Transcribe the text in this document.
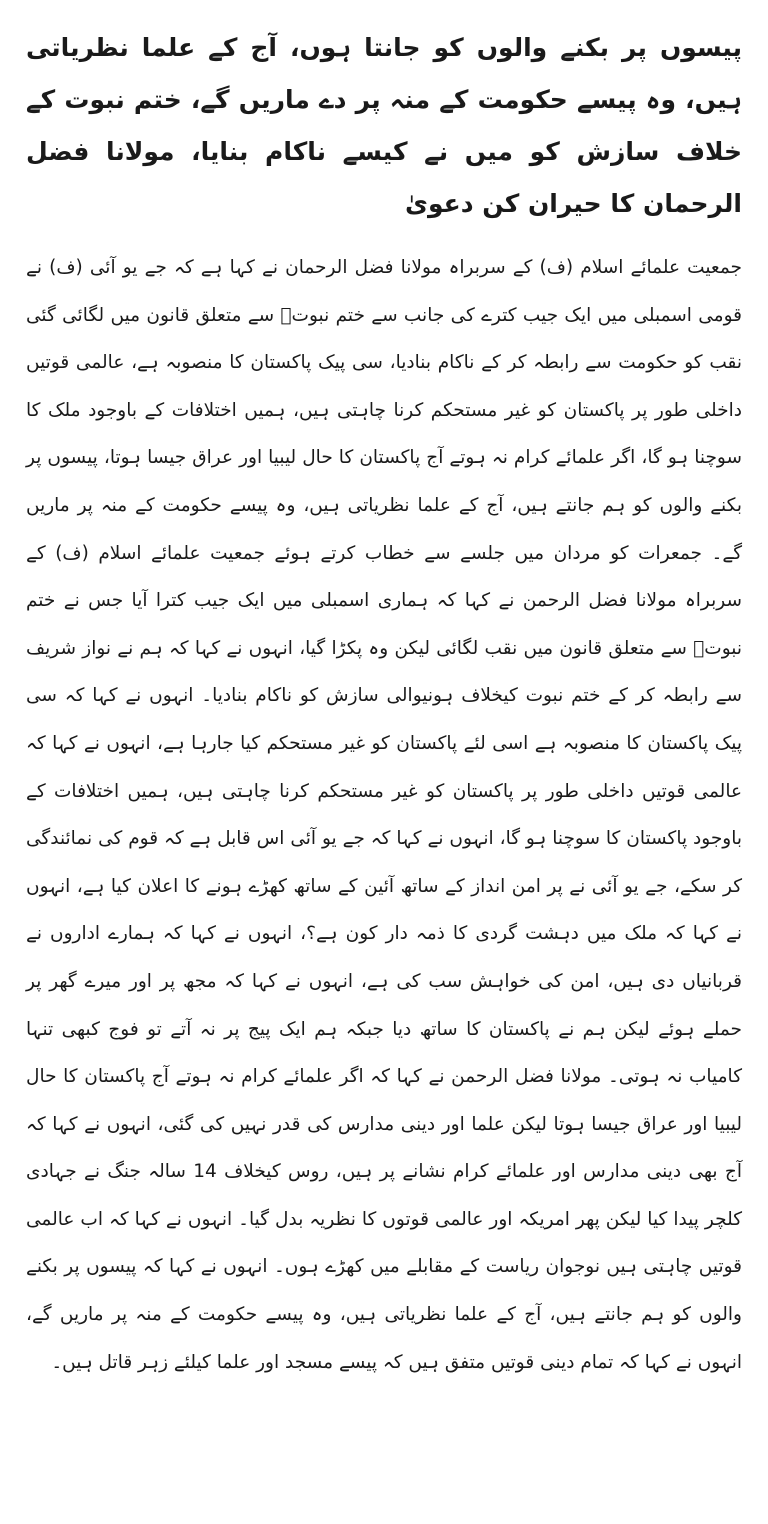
پیسوں پر بکنے والوں کو جانتا ہوں، آج کے علما نظریاتی ہیں، وہ پیسے حکومت کے منہ پر دے ماریں گے، ختم نبوت کے خلاف سازش کو میں نے کیسے ناکام بنایا، مولانا فضل الرحمان کا حیران کن دعویٰ

جمعیت علمائے اسلام (ف) کے سربراہ مولانا فضل الرحمان نے کہا ہے کہ جے یو آئی (ف) نے قومی اسمبلی میں ایک جیب کترے کی جانب سے ختم نبوتؐ سے متعلق قانون میں لگائی گئی نقب کو حکومت سے رابطہ کر کے ناکام بنادیا، سی پیک پاکستان کا منصوبہ ہے، عالمی قوتیں داخلی طور پر پاکستان کو غیر مستحکم کرنا چاہتی ہیں، ہمیں اختلافات کے باوجود ملک کا سوچنا ہو گا، اگر علمائے کرام نہ ہوتے آج پاکستان کا حال لیبیا اور عراق جیسا ہوتا، پیسوں پر بکنے والوں کو ہم جانتے ہیں، آج کے علما نظریاتی ہیں، وہ پیسے حکومت کے منہ پر ماریں گے۔ جمعرات کو مردان میں جلسے سے خطاب کرتے ہوئے جمعیت علمائے اسلام (ف) کے سربراہ مولانا فضل الرحمن نے کہا کہ ہماری اسمبلی میں ایک جیب کترا آیا جس نے ختم نبوتؐ سے متعلق قانون میں نقب لگائی لیکن وہ پکڑا گیا، انہوں نے کہا کہ ہم نے نواز شریف سے رابطہ کر کے ختم نبوت کیخلاف ہونیوالی سازش کو ناکام بنادیا۔ انہوں نے کہا کہ سی پیک پاکستان کا منصوبہ ہے اسی لئے پاکستان کو غیر مستحکم کیا جارہا ہے، انہوں نے کہا کہ عالمی قوتیں داخلی طور پر پاکستان کو غیر مستحکم کرنا چاہتی ہیں، ہمیں اختلافات کے باوجود پاکستان کا سوچنا ہو گا، انہوں نے کہا کہ جے یو آئی اس قابل ہے کہ قوم کی نمائندگی کر سکے، جے یو آئی نے پر امن انداز کے ساتھ آئین کے ساتھ کھڑے ہونے کا اعلان کیا ہے، انہوں نے کہا کہ ملک میں دہشت گردی کا ذمہ دار کون ہے؟، انہوں نے کہا کہ ہمارے اداروں نے قربانیاں دی ہیں، امن کی خواہش سب کی ہے، انہوں نے کہا کہ مجھ پر اور میرے گھر پر حملے ہوئے لیکن ہم نے پاکستان کا ساتھ دیا جبکہ ہم ایک پیج پر نہ آتے تو فوج کبھی تنہا کامیاب نہ ہوتی۔ مولانا فضل الرحمن نے کہا کہ اگر علمائے کرام نہ ہوتے آج پاکستان کا حال لیبیا اور عراق جیسا ہوتا لیکن علما اور دینی مدارس کی قدر نہیں کی گئی، انہوں نے کہا کہ آج بھی دینی مدارس اور علمائے کرام نشانے پر ہیں، روس کیخلاف 14 سالہ جنگ نے جہادی کلچر پیدا کیا لیکن پھر امریکہ اور عالمی قوتوں کا نظریہ بدل گیا۔ انہوں نے کہا کہ اب عالمی قوتیں چاہتی ہیں نوجوان ریاست کے مقابلے میں کھڑے ہوں۔ انہوں نے کہا کہ پیسوں پر بکنے والوں کو ہم جانتے ہیں، آج کے علما نظریاتی ہیں، وہ پیسے حکومت کے منہ پر ماریں گے، انہوں نے کہا کہ تمام دینی قوتیں متفق ہیں کہ پیسے مسجد اور علما کیلئے زہر قاتل ہیں۔
